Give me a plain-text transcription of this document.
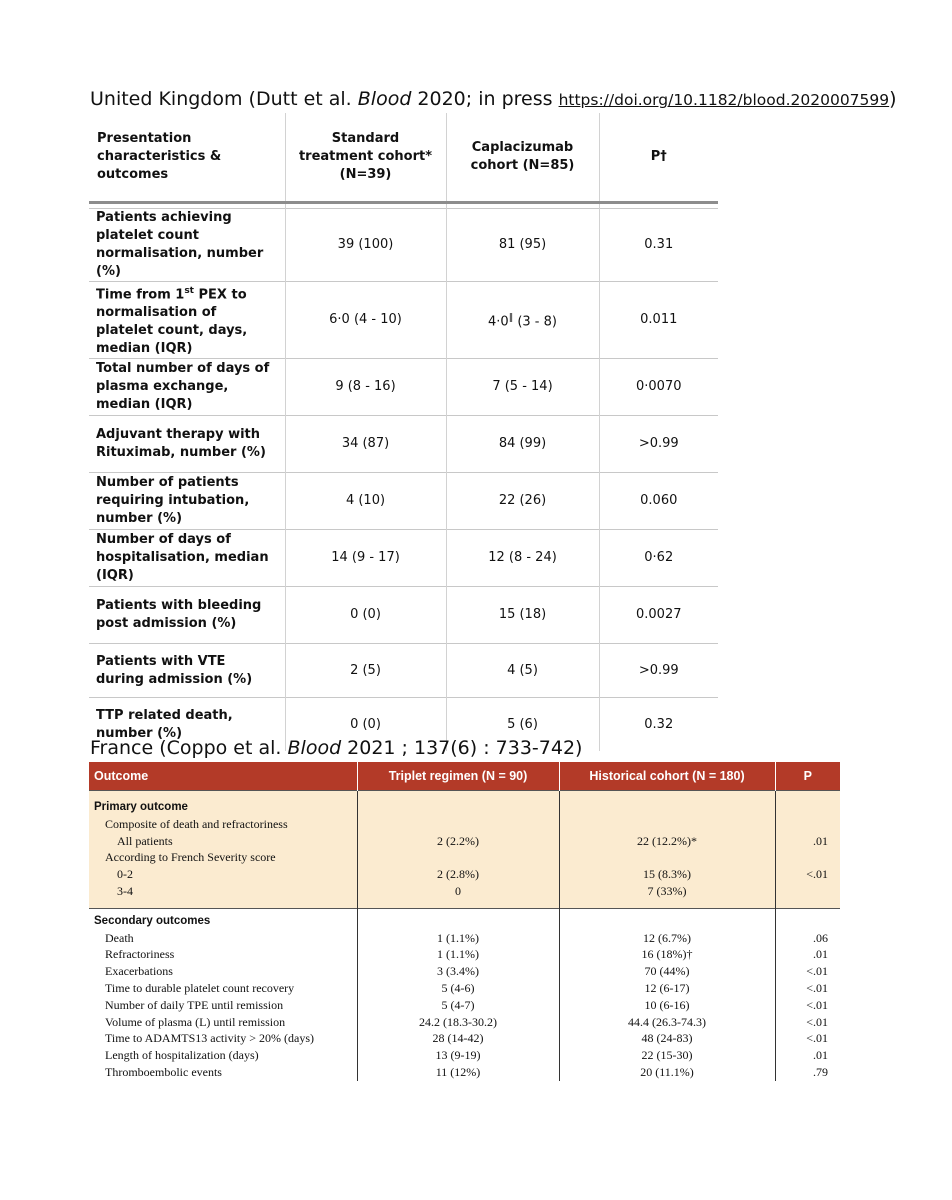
United Kingdom (Dutt et al. Blood 2020; in press https://doi.org/10.1182/blood.2020007599)
Presentation characteristics & outcomes	Standard treatment cohort* (N=39)	Caplacizumab cohort (N=85)	P†

Patients achieving platelet count normalisation, number (%)	39 (100)	81 (95)	0.31
Time from 1st PEX to normalisation of platelet count, days, median (IQR)	6·0 (4 - 10)	4·0‖ (3 - 8)	0.011
Total number of days of plasma exchange, median (IQR)	9 (8 - 16)	7 (5 - 14)	0·0070
Adjuvant therapy with Rituximab, number (%)	34 (87)	84 (99)	>0.99
Number of patients requiring intubation, number (%)	4 (10)	22 (26)	0.060
Number of days of hospitalisation, median (IQR)	14 (9 - 17)	12 (8 - 24)	0·62
Patients with bleeding post admission (%)	0 (0)	15 (18)	0.0027
Patients with VTE during admission (%)	2 (5)	4 (5)	>0.99
TTP related death, number (%)	0 (0)	5 (6)	0.32
France (Coppo et al. Blood 2021 ; 137(6) : 733-742)
Outcome	Triplet regimen (N = 90)	Historical cohort (N = 180)	P

Primary outcome			
Composite of death and refractoriness			
All patients	2 (2.2%)	22 (12.2%)*	.01
According to French Severity score			
0-2	2 (2.8%)	15 (8.3%)	<.01
3-4	0	7 (33%)	

Secondary outcomes			
Death	1 (1.1%)	12 (6.7%)	.06
Refractoriness	1 (1.1%)	16 (18%)†	.01
Exacerbations	3 (3.4%)	70 (44%)	<.01
Time to durable platelet count recovery	5 (4-6)	12 (6-17)	<.01
Number of daily TPE until remission	5 (4-7)	10 (6-16)	<.01
Volume of plasma (L) until remission	24.2 (18.3-30.2)	44.4 (26.3-74.3)	<.01
Time to ADAMTS13 activity > 20% (days)	28 (14-42)	48 (24-83)	<.01
Length of hospitalization (days)	13 (9-19)	22 (15-30)	.01
Thromboembolic events	11 (12%)	20 (11.1%)	.79
